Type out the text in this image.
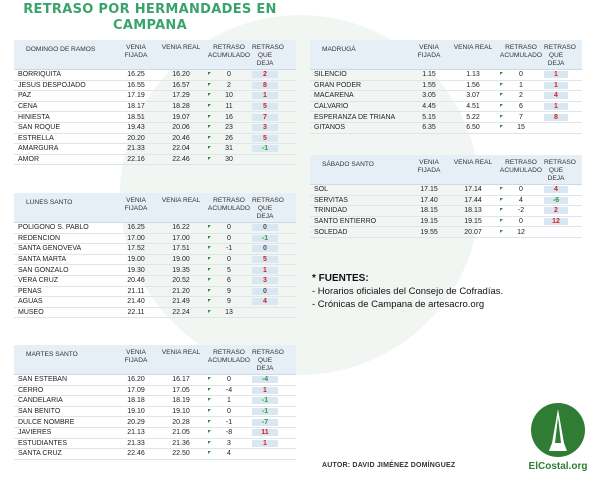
RETRASO POR HERMANDADES EN
CAMPANA
DOMINGO DE RAMOS	VENIA
FIJADA
VENIA REAL	RETRASO
ACUMULADO
RETRASO
QUE DEJA
BORRIQUITA	16.25	16.20	0	2
JESÚS DESPOJADO	16.55	16.57	2	8
PAZ	17.19	17.29	10	1
CENA	18.17	18.28	11	5
HINIESTA	18.51	19.07	16	7
SAN ROQUE	19.43	20.06	23	3
ESTRELLA	20.20	20.46	26	5
AMARGURA	21.33	22.04	31	-1
AMOR	22.16	22.46	30
LUNES SANTO	VENIA
FIJADA
VENIA REAL	RETRASO
ACUMULADO
RETRASO
QUE DEJA
POLÍGONO S. PABLO	16.25	16.22	0	0
REDENCIÓN	17.00	17.00	0	-1
SANTA GENOVEVA	17.52	17.51	-1	0
SANTA MARTA	19.00	19.00	0	5
SAN GONZALO	19.30	19.35	5	1
VERA CRUZ	20.46	20.52	6	3
PENAS	21.11	21.20	9	0
AGUAS	21.40	21.49	9	4
MUSEO	22.11	22.24	13
MARTES SANTO	VENIA
FIJADA
VENIA REAL	RETRASO
ACUMULADO
RETRASO
QUE DEJA
SAN ESTEBAN	16.20	16.17	0	-4
CERRO	17.09	17.05	-4	1
CANDELARIA	18.18	18.19	1	-1
SAN BENITO	19.10	19.10	0	-1
DULCE NOMBRE	20.29	20.28	-1	-7
JAVIERES	21.13	21.05	-8	11
ESTUDIANTES	21.33	21.36	3	1
SANTA CRUZ	22.46	22.50	4
MADRUGÁ	VENIA
FIJADA
VENIA REAL	RETRASO
ACUMULADO
RETRASO
QUE DEJA
SILENCIO	1.15	1.13	0	1
GRAN PODER	1.55	1.56	1	1
MACARENA	3.05	3.07	2	4
CALVARIO	4.45	4.51	6	1
ESPERANZA DE TRIANA	5.15	5.22	7	8
GITANOS	6.35	6.50	15
SÁBADO SANTO	VENIA
FIJADA
VENIA REAL	RETRASO
ACUMULADO
RETRASO
QUE DEJA
SOL	17.15	17.14	0	4
SERVITAS	17.40	17.44	4	-6
TRINIDAD	18.15	18.13	-2	2
SANTO ENTIERRO	19.15	19.15	0	12
SOLEDAD	19.55	20.07	12
* FUENTES:
- Horarios oficiales del Consejo de Cofradías.
- Crónicas de Campana de artesacro.org
AUTOR: DAVID JIMÉNEZ DOMÍNGUEZ	ElCostal.org
